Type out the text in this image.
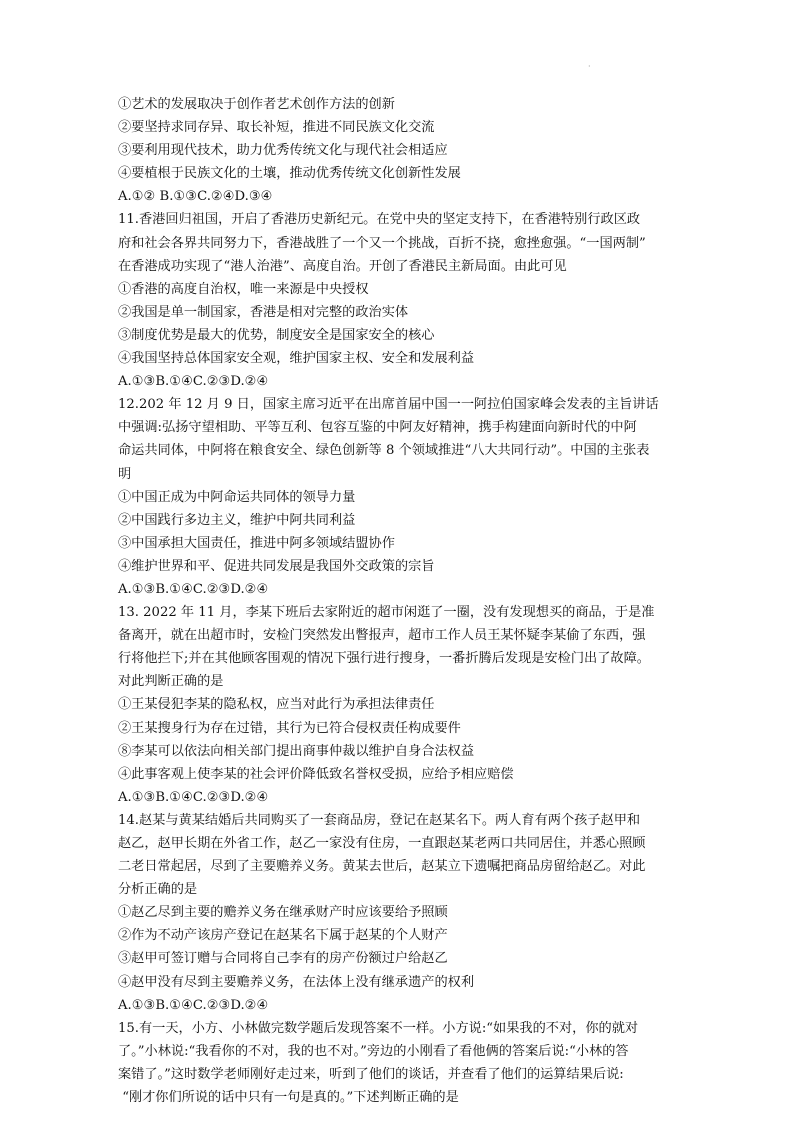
·
①艺术的发展取决于创作者艺术创作方法的创新
②要坚持求同存异、取长补短，推进不同民族文化交流
③要利用现代技术，助力优秀传统文化与现代社会相适应
④要植根于民族文化的土壤，推动优秀传统文化创新性发展
A.①② B.①③C.②④D.③④
11.香港回归祖国，开启了香港历史新纪元。在党中央的坚定支持下，在香港特别行政区政
府和社会各界共同努力下，香港战胜了一个又一个挑战，百折不挠，愈挫愈强。“一国两制”
在香港成功实现了“港人治港”、高度自治。开创了香港民主新局面。由此可见
①香港的高度自治权，唯一来源是中央授权
②我国是单一制国家，香港是相对完整的政治实体
③制度优势是最大的优势，制度安全是国家安全的核心
④我国坚持总体国家安全观，维护国家主权、安全和发展利益
A.①③B.①④C.②③D.②④
12.202 年 12 月 9 日，国家主席习近平在出席首届中国一一阿拉伯国家峰会发表的主旨讲话
中强调:弘扬守望相助、平等互利、包容互鉴的中阿友好精神，携手构建面向新时代的中阿
命运共同体，中阿将在粮食安全、绿色创新等 8 个领域推进“八大共同行动”。中国的主张表
明
①中国正成为中阿命运共同体的领导力量
②中国践行多边主义，维护中阿共同利益
③中国承担大国责任，推进中阿多领域结盟协作
④维护世界和平、促进共同发展是我国外交政策的宗旨
A.①③B.①④C.②③D.②④
13. 2022 年 11 月，李某下班后去家附近的超市闲逛了一圈，没有发现想买的商品，于是准
备离开，就在出超市时，安检门突然发出瞥报声，超市工作人员王某怀疑李某偷了东西，强
行将他拦下;并在其他顾客围观的情况下强行进行搜身，一番折腾后发现是安检门出了故障。
对此判断正确的是
①王某侵犯李某的隐私权，应当对此行为承担法律责任
②王某搜身行为存在过错，其行为已符合侵权责任构成要件
⑧李某可以依法向相关部门提出商事仲裁以维护自身合法权益
④此事客观上使李某的社会评价降低致名誉权受损，应给予相应赔偿
A.①③B.①④C.②③D.②④
14.赵某与黄某结婚后共同购买了一套商品房，登记在赵某名下。两人育有两个孩子赵甲和
赵乙，赵甲长期在外省工作，赵乙一家没有住房，一直跟赵某老两口共同居住，并悉心照顾
二老日常起居，尽到了主要赡养义务。黄某去世后，赵某立下遗嘱把商品房留给赵乙。对此
分析正确的是
①赵乙尽到主要的赡养义务在继承财产时应该要给予照顾
②作为不动产该房产登记在赵某名下属于赵某的个人财产
③赵甲可签订赠与合同将自己李有的房产份额过户给赵乙
④赵甲没有尽到主要赡养义务，在法体上没有继承遗产的权利
A.①③B.①④C.②③D.②④
15.有一天，小方、小林做完数学题后发现答案不一样。小方说:“如果我的不对，你的就对
了。”小林说:“我看你的不对，我的也不对。”旁边的小刚看了看他俩的答案后说:“小林的答
案错了。”这时数学老师刚好走过来，听到了他们的谈话，并查看了他们的运算结果后说:
“刚才你们所说的话中只有一句是真的。”下述判断正确的是
